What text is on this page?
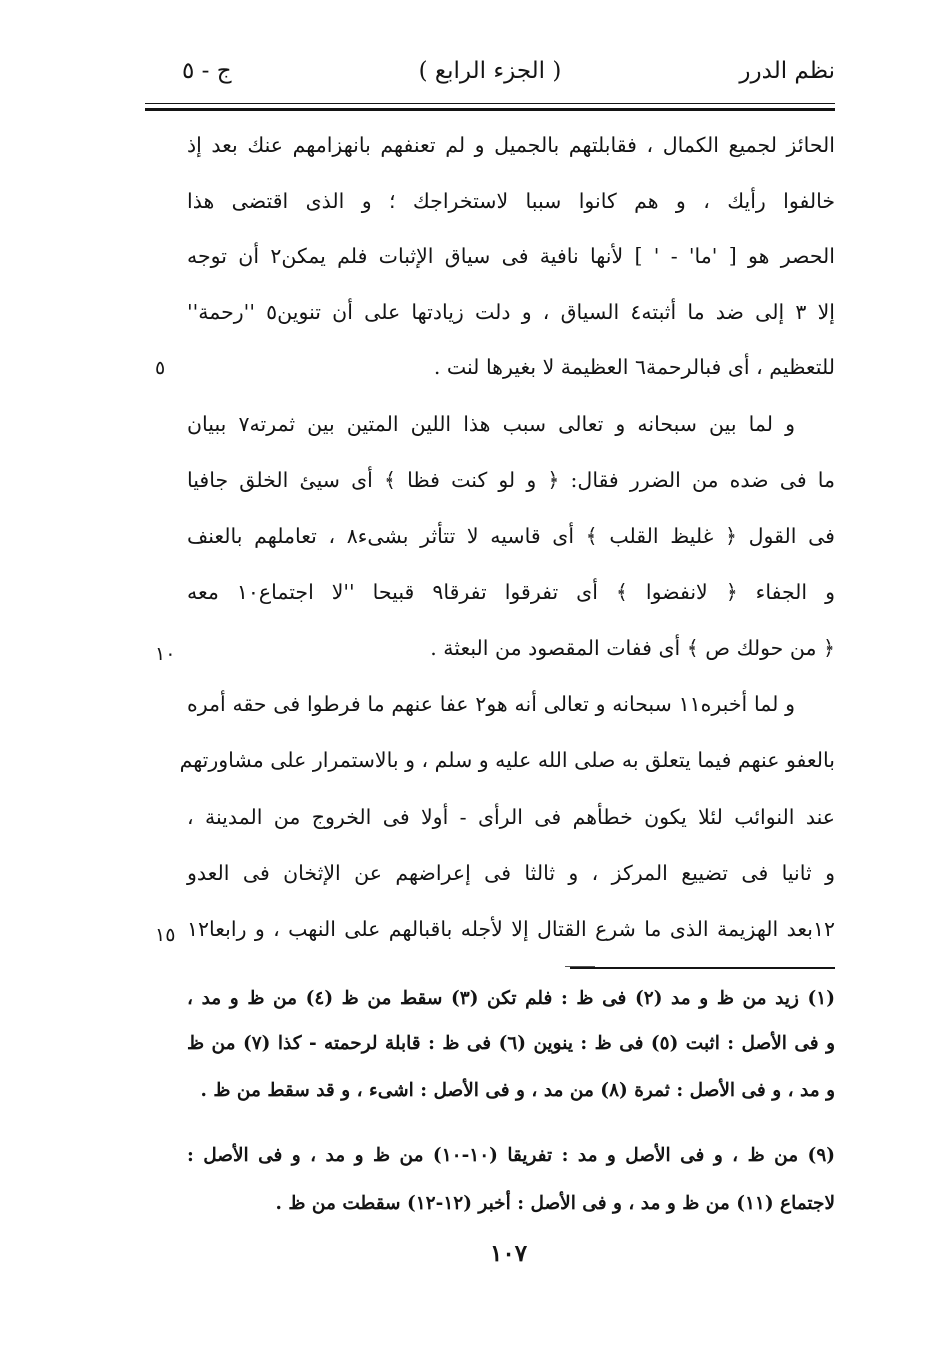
نظم الدرر
( الجزء الرابع )
ج - ٥
الحائز لجميع الكمال ، فقابلتهم بالجميل و لم تعنفهم بانهزامهم عنك بعد إذ
خالفوا رأيك ، و هم كانوا سببا لاستخراجك ؛ و الذى اقتضى هذا
الحصر هو [ 'ما' - ' ] لأنها نافية فى سياق الإثبات فلم يمكن٢ أن توجه
إلا ٣ إلى ضد ما أثبته٤ السياق ، و دلت زيادتها على أن تنوين٥ ''رحمة''
للتعظيم ، أى فبالرحمة٦ العظيمة لا بغيرها لنت .
٥
و لما بين سبحانه و تعالى سبب هذا اللين المتين بين ثمرته٧ ببيان
ما فى ضده من الضرر فقال: ﴿ و لو كنت فظا ﴾ أى سيئ الخلق جافيا
فى القول ﴿ غليظ القلب ﴾ أى قاسيه لا تتأثر بشىء٨ ، تعاملهم بالعنف
و الجفاء ﴿ لانفضوا ﴾ أى تفرقوا تفرقا٩ قبيحا ''لا اجتماع١٠ معه
﴿ من حولك ص ﴾ أى ففات المقصود من البعثة .
١٠
و لما أخبره١١ سبحانه و تعالى أنه هو٢ عفا عنهم ما فرطوا فى حقه أمره
بالعفو عنهم فيما يتعلق به صلى الله عليه و سلم ، و بالاستمرار على مشاورتهم
عند النوائب لئلا يكون خطأهم فى الرأى - أولا فى الخروج من المدينة ،
و ثانيا فى تضييع المركز ، و ثالثا فى إعراضهم عن الإثخان فى العدو
١٢بعد الهزيمة الذى ما شرع القتال إلا لأجله باقبالهم على النهب ، و رابعا١٢
١٥
(١) زيد من ظ و مد (٢) فى ظ : فلم تكن (٣) سقط من ظ (٤) من ظ و مد ،
و فى الأصل : اثبت (٥) فى ظ : ينوين (٦) فى ظ : قابلة لرحمته - كذا (٧) من ظ
و مد ، و فى الأصل : ثمرة (٨) من مد ، و فى الأصل : اشىء ، و قد سقط من ظ .
(٩) من ظ ، و فى الأصل و مد : تفريقا (١٠-١٠) من ظ و مد ، و فى الأصل :
لاجتماع (١١) من ظ و مد ، و فى الأصل : أخبر (١٢-١٢) سقطت من ظ .
١٠٧
